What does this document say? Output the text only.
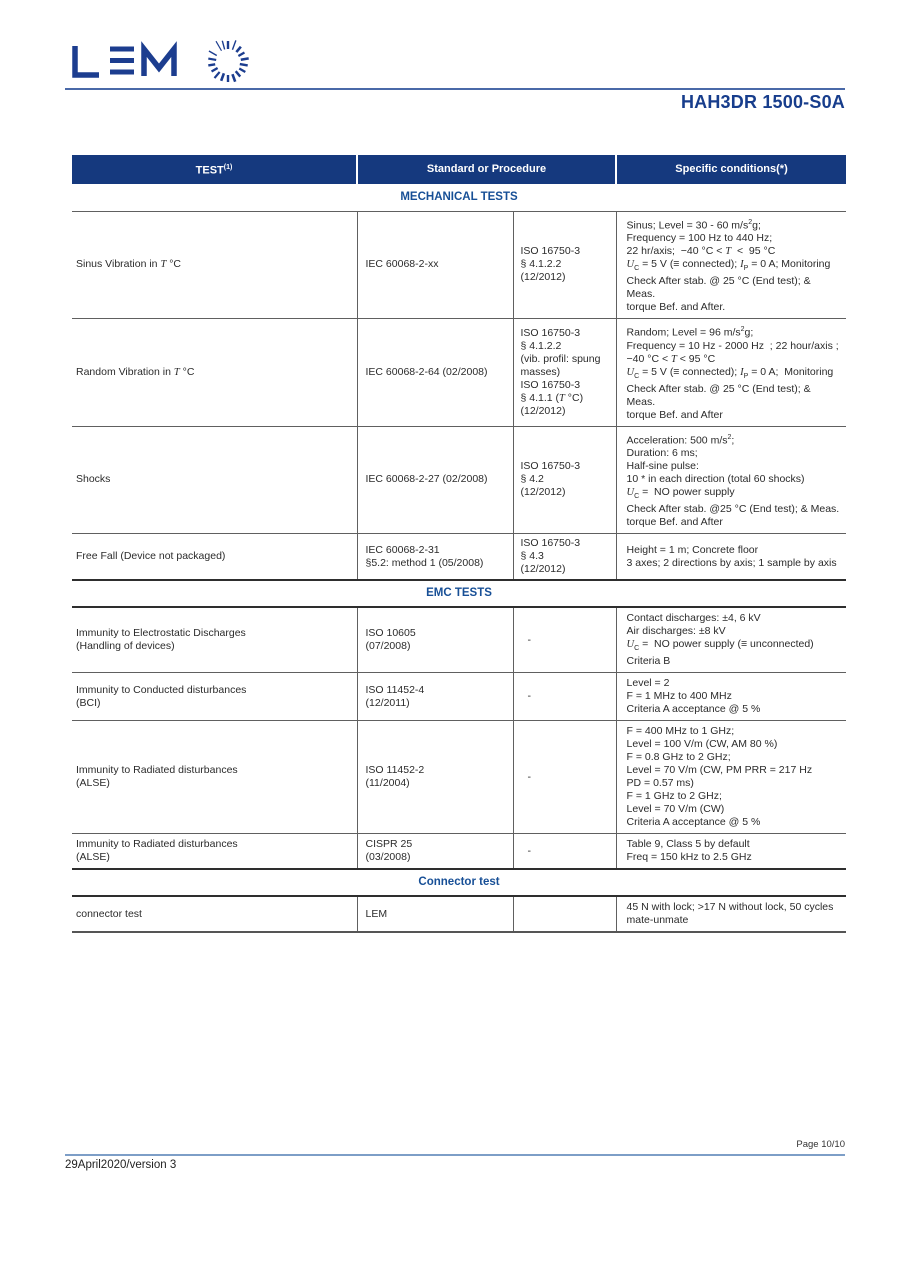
HAH3DR 1500-S0A
TEST$^{(1)}$	Standard or Procedure		Specific conditions(*)
MECHANICAL TESTS			
Sinus Vibration in T °C	IEC 60068-2-xx	ISO 16750-3
§ 4.1.2.2
(12/2012)	Sinus; Level = 30 - 60 $m/s^2g$;
Frequency = 100 Hz to 440 Hz;
22 hr/axis;  −40 °C < T  <  95 °C
$U_C = 5$ V (≡ connected); $I_P = 0$ A; Monitoring
Check After stab. @ 25 °C (End test); & Meas.
torque Bef. and After.
Random Vibration in T °C	IEC 60068-2-64 (02/2008)	ISO 16750-3
§ 4.1.2.2
(vib. profil: spung
masses)
ISO 16750-3
§ 4.1.1 (T °C)
(12/2012)	Random; Level = 96 $m/s^2g$;
Frequency = 10 Hz - 2000 Hz  ; 22 hour/axis ;
−40 °C < T < 95 °C
$U_C = 5$ V (≡ connected); $I_P = 0$ A;  Monitoring
Check After stab. @ 25 °C (End test); & Meas.
torque Bef. and After
Shocks	IEC 60068-2-27 (02/2008)	ISO 16750-3
§ 4.2
(12/2012)	Acceleration: 500 $m/s^2$;
Duration: 6 ms;
Half-sine pulse:
10 * in each direction (total 60 shocks)
$U_C$ =  NO power supply
Check After stab. @25 °C (End test); & Meas.
torque Bef. and After
Free Fall (Device not packaged)	IEC 60068-2-31
§5.2: method 1 (05/2008)	ISO 16750-3
§ 4.3
(12/2012)	Height = 1 m; Concrete floor
3 axes; 2 directions by axis; 1 sample by axis
EMC TESTS			
Immunity to Electrostatic Discharges
(Handling of devices)	ISO 10605
(07/2008)	-	Contact discharges: ±4, 6 kV
Air discharges: ±8 kV
$U_C$ =  NO power supply (≡ unconnected)
Criteria B
Immunity to Conducted disturbances
(BCI)	ISO 11452-4
(12/2011)	-	Level = 2
F = 1 MHz to 400 MHz
Criteria A acceptance @ 5 %
Immunity to Radiated disturbances
(ALSE)	ISO 11452-2
(11/2004)	-	F = 400 MHz to 1 GHz;
Level = 100 V/m (CW, AM 80 %)
F = 0.8 GHz to 2 GHz;
Level = 70 V/m (CW, PM PRR = 217 Hz
PD = 0.57 ms)
F = 1 GHz to 2 GHz;
Level = 70 V/m (CW)
Criteria A acceptance @ 5 %
Immunity to Radiated disturbances
(ALSE)	CISPR 25
(03/2008)	-	Table 9, Class 5 by default
Freq = 150 kHz to 2.5 GHz
Connector test			
connector test	LEM		45 N with lock; >17 N without lock, 50 cycles
mate-unmate
Page 10/10
29April2020/version 3
